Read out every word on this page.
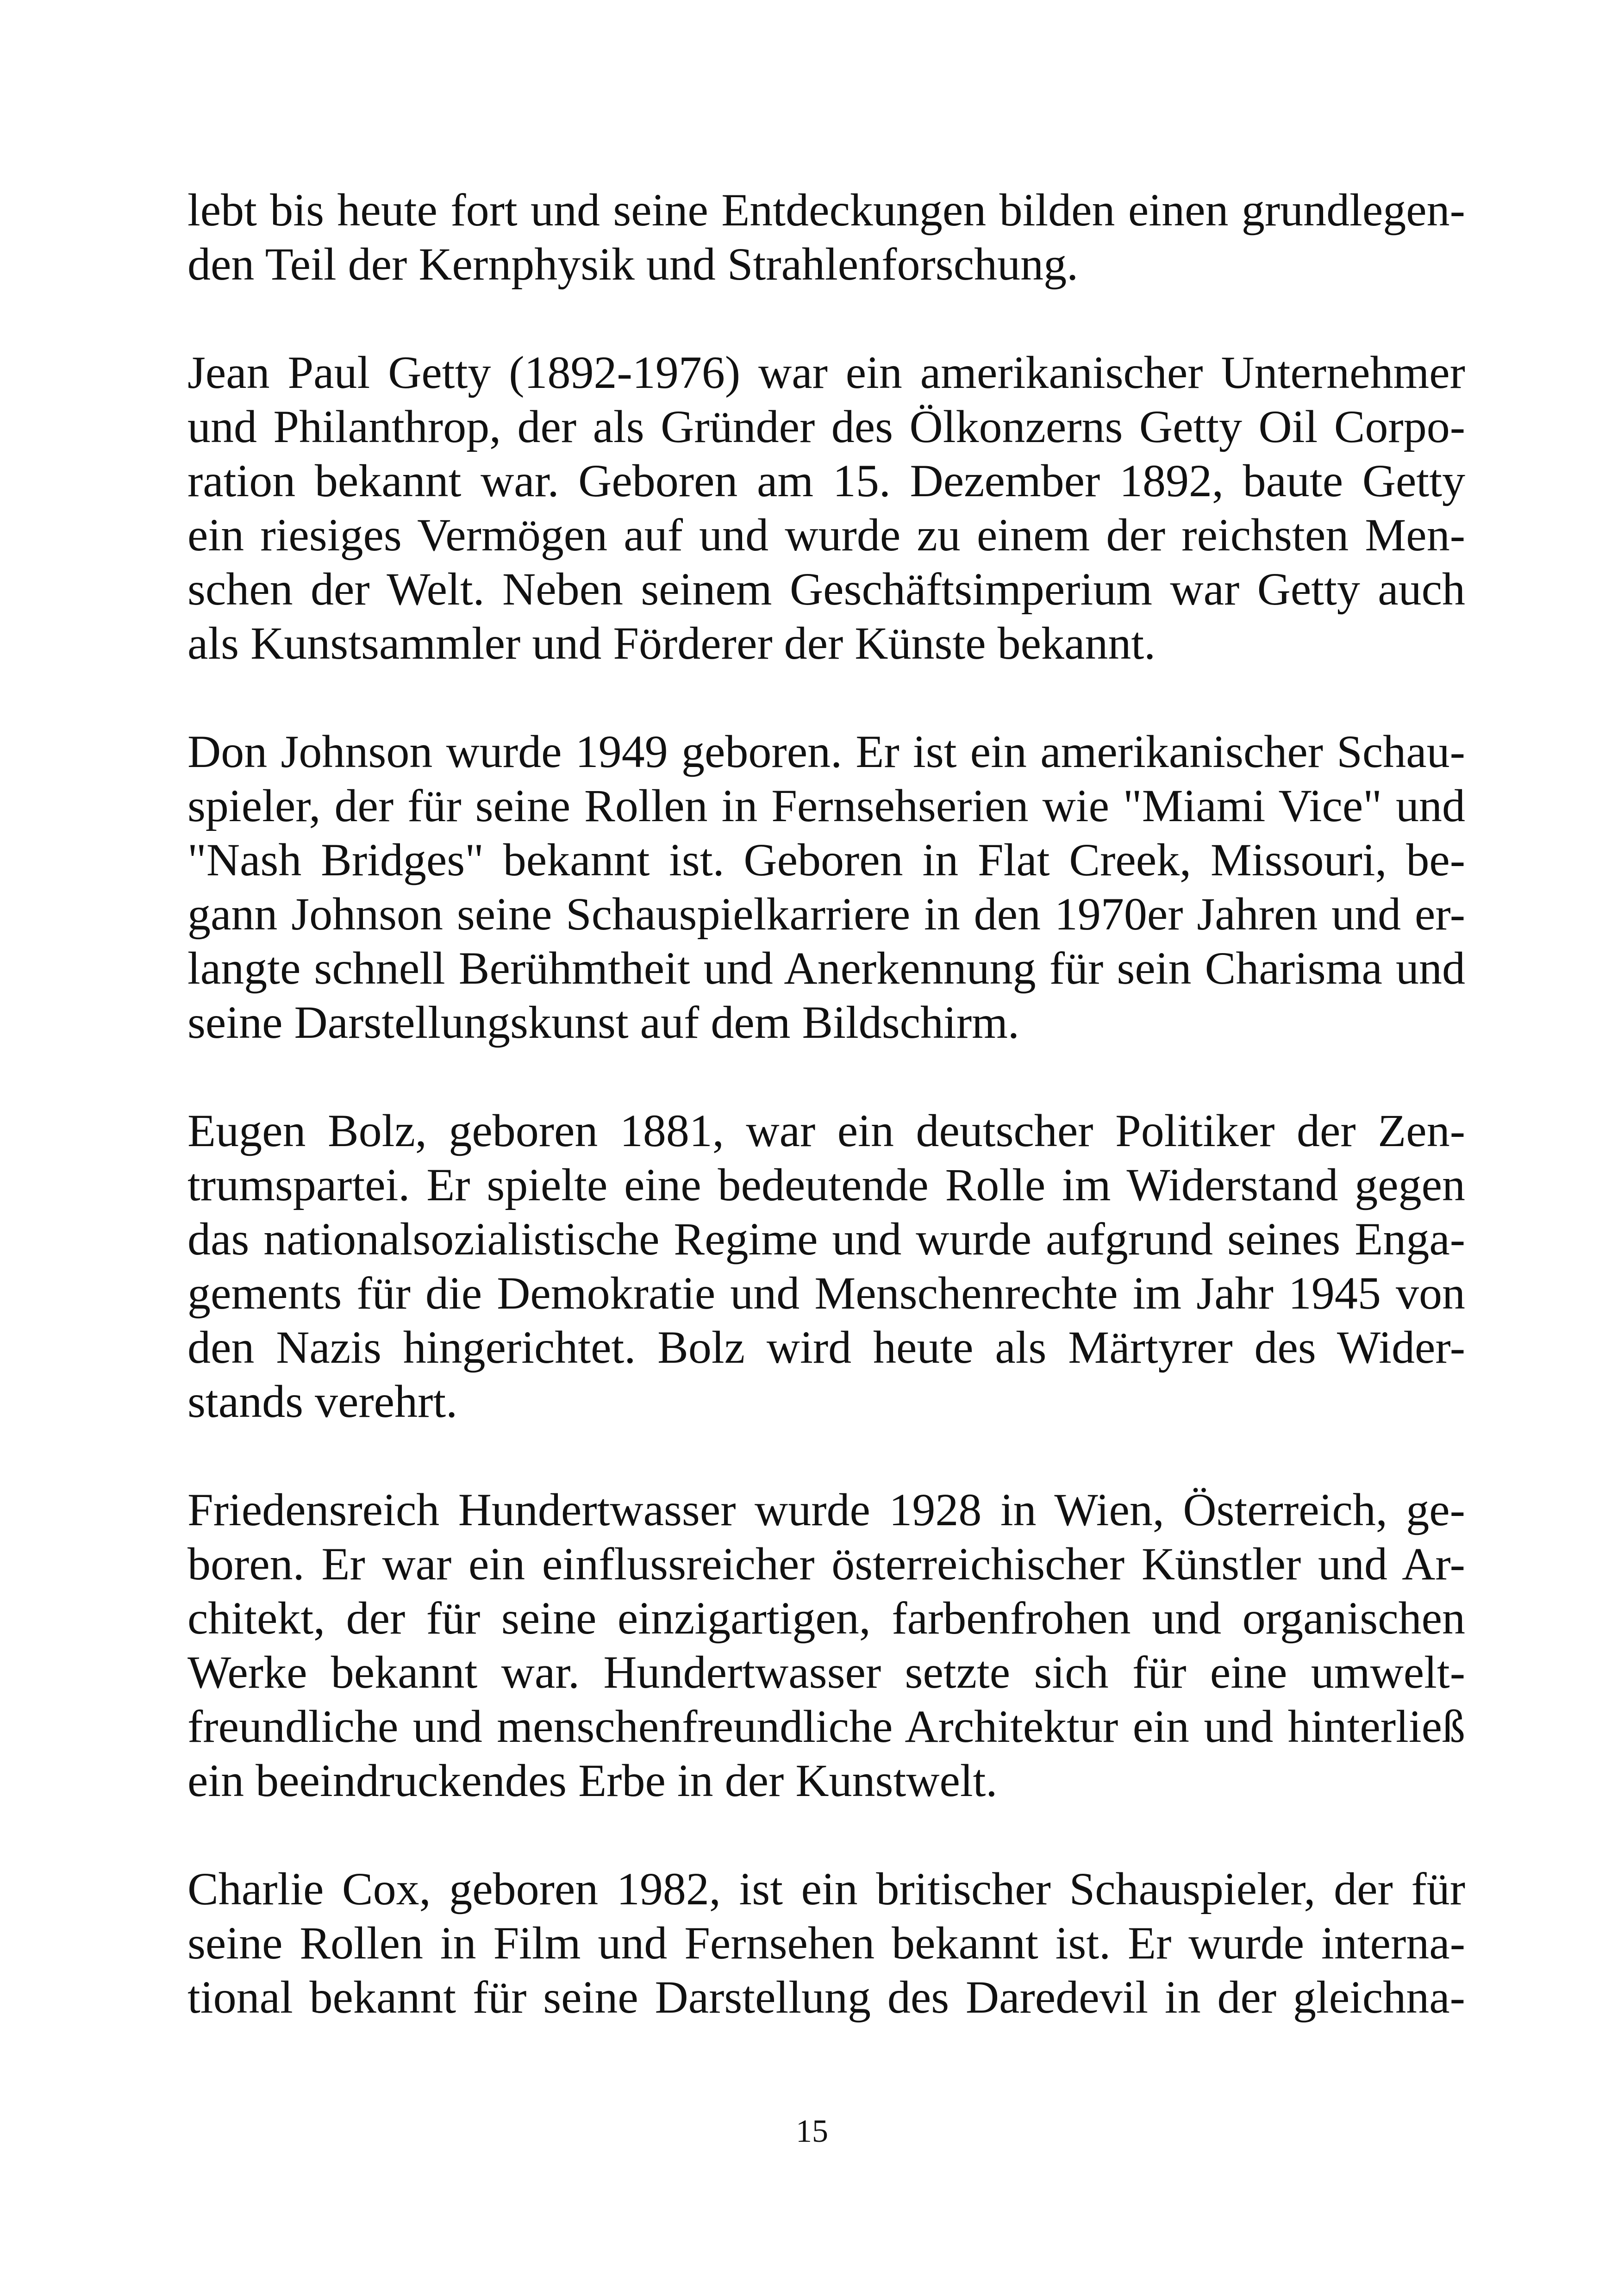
lebt bis heute fort und seine Entdeckungen bilden einen grundlegen-
den Teil der Kernphysik und Strahlenforschung.
Jean Paul Getty (1892-1976) war ein amerikanischer Unternehmer
und Philanthrop, der als Gründer des Ölkonzerns Getty Oil Corpo-
ration bekannt war. Geboren am 15. Dezember 1892, baute Getty
ein riesiges Vermögen auf und wurde zu einem der reichsten Men-
schen der Welt. Neben seinem Geschäftsimperium war Getty auch
als Kunstsammler und Förderer der Künste bekannt.
Don Johnson wurde 1949 geboren. Er ist ein amerikanischer Schau-
spieler, der für seine Rollen in Fernsehserien wie "Miami Vice" und
"Nash Bridges" bekannt ist. Geboren in Flat Creek, Missouri, be-
gann Johnson seine Schauspielkarriere in den 1970er Jahren und er-
langte schnell Berühmtheit und Anerkennung für sein Charisma und
seine Darstellungskunst auf dem Bildschirm.
Eugen Bolz, geboren 1881, war ein deutscher Politiker der Zen-
trumspartei. Er spielte eine bedeutende Rolle im Widerstand gegen
das nationalsozialistische Regime und wurde aufgrund seines Enga-
gements für die Demokratie und Menschenrechte im Jahr 1945 von
den Nazis hingerichtet. Bolz wird heute als Märtyrer des Wider-
stands verehrt.
Friedensreich Hundertwasser wurde 1928 in Wien, Österreich, ge-
boren. Er war ein einflussreicher österreichischer Künstler und Ar-
chitekt, der für seine einzigartigen, farbenfrohen und organischen
Werke bekannt war. Hundertwasser setzte sich für eine umwelt-
freundliche und menschenfreundliche Architektur ein und hinterließ
ein beeindruckendes Erbe in der Kunstwelt.
Charlie Cox, geboren 1982, ist ein britischer Schauspieler, der für
seine Rollen in Film und Fernsehen bekannt ist. Er wurde interna-
tional bekannt für seine Darstellung des Daredevil in der gleichna-
15
